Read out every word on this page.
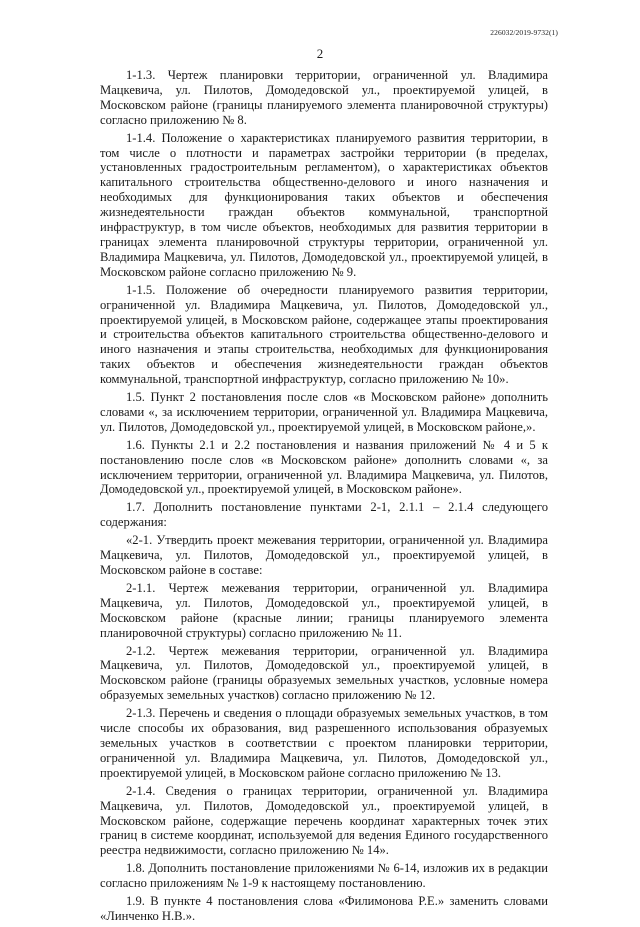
226032/2019-9732(1)
2

1-1.3. Чертеж планировки территории, ограниченной ул. Владимира Мацкевича, ул. Пилотов, Домодедовской ул., проектируемой улицей, в Московском районе (границы планируемого элемента планировочной структуры) согласно приложению № 8.

1-1.4. Положение о характеристиках планируемого развития территории, в том числе о плотности и параметрах застройки территории (в пределах, установленных градостроительным регламентом), о характеристиках объектов капитального строительства общественно-делового и иного назначения и необходимых для функционирования таких объектов и обеспечения жизнедеятельности граждан объектов коммунальной, транспортной инфраструктур, в том числе объектов, необходимых для развития территории в границах элемента планировочной структуры территории, ограниченной ул. Владимира Мацкевича, ул. Пилотов, Домодедовской ул., проектируемой улицей, в Московском районе согласно приложению № 9.

1-1.5. Положение об очередности планируемого развития территории, ограниченной ул. Владимира Мацкевича, ул. Пилотов, Домодедовской ул., проектируемой улицей, в Московском районе, содержащее этапы проектирования и строительства объектов капитального строительства общественно-делового и иного назначения и этапы строительства, необходимых для функционирования таких объектов и обеспечения жизнедеятельности граждан объектов коммунальной, транспортной инфраструктур, согласно приложению № 10».

1.5. Пункт 2 постановления после слов «в Московском районе» дополнить словами «, за исключением территории, ограниченной ул. Владимира Мацкевича, ул. Пилотов, Домодедовской ул., проектируемой улицей, в Московском районе,».

1.6. Пункты 2.1 и 2.2 постановления и названия приложений № 4 и 5 к постановлению после слов «в Московском районе» дополнить словами «, за исключением территории, ограниченной ул. Владимира Мацкевича, ул. Пилотов, Домодедовской ул., проектируемой улицей, в Московском районе».

1.7. Дополнить постановление пунктами 2-1, 2.1.1 – 2.1.4 следующего содержания:

«2-1. Утвердить проект межевания территории, ограниченной ул. Владимира Мацкевича, ул. Пилотов, Домодедовской ул., проектируемой улицей, в Московском районе в составе:

2-1.1. Чертеж межевания территории, ограниченной ул. Владимира Мацкевича, ул. Пилотов, Домодедовской ул., проектируемой улицей, в Московском районе (красные линии; границы планируемого элемента планировочной структуры) согласно приложению № 11.

2-1.2. Чертеж межевания территории, ограниченной ул. Владимира Мацкевича, ул. Пилотов, Домодедовской ул., проектируемой улицей, в Московском районе (границы образуемых земельных участков, условные номера образуемых земельных участков) согласно приложению № 12.

2-1.3. Перечень и сведения о площади образуемых земельных участков, в том числе способы их образования, вид разрешенного использования образуемых земельных участков в соответствии с проектом планировки территории, ограниченной ул. Владимира Мацкевича, ул. Пилотов, Домодедовской ул., проектируемой улицей, в Московском районе согласно приложению № 13.

2-1.4. Сведения о границах территории, ограниченной ул. Владимира Мацкевича, ул. Пилотов, Домодедовской ул., проектируемой улицей, в Московском районе, содержащие перечень координат характерных точек этих границ в системе координат, используемой для ведения Единого государственного реестра недвижимости, согласно приложению № 14».

1.8. Дополнить постановление приложениями № 6-14, изложив их в редакции согласно приложениям № 1-9 к настоящему постановлению.

1.9. В пункте 4 постановления слова «Филимонова Р.Е.» заменить словами «Линченко Н.В.».
